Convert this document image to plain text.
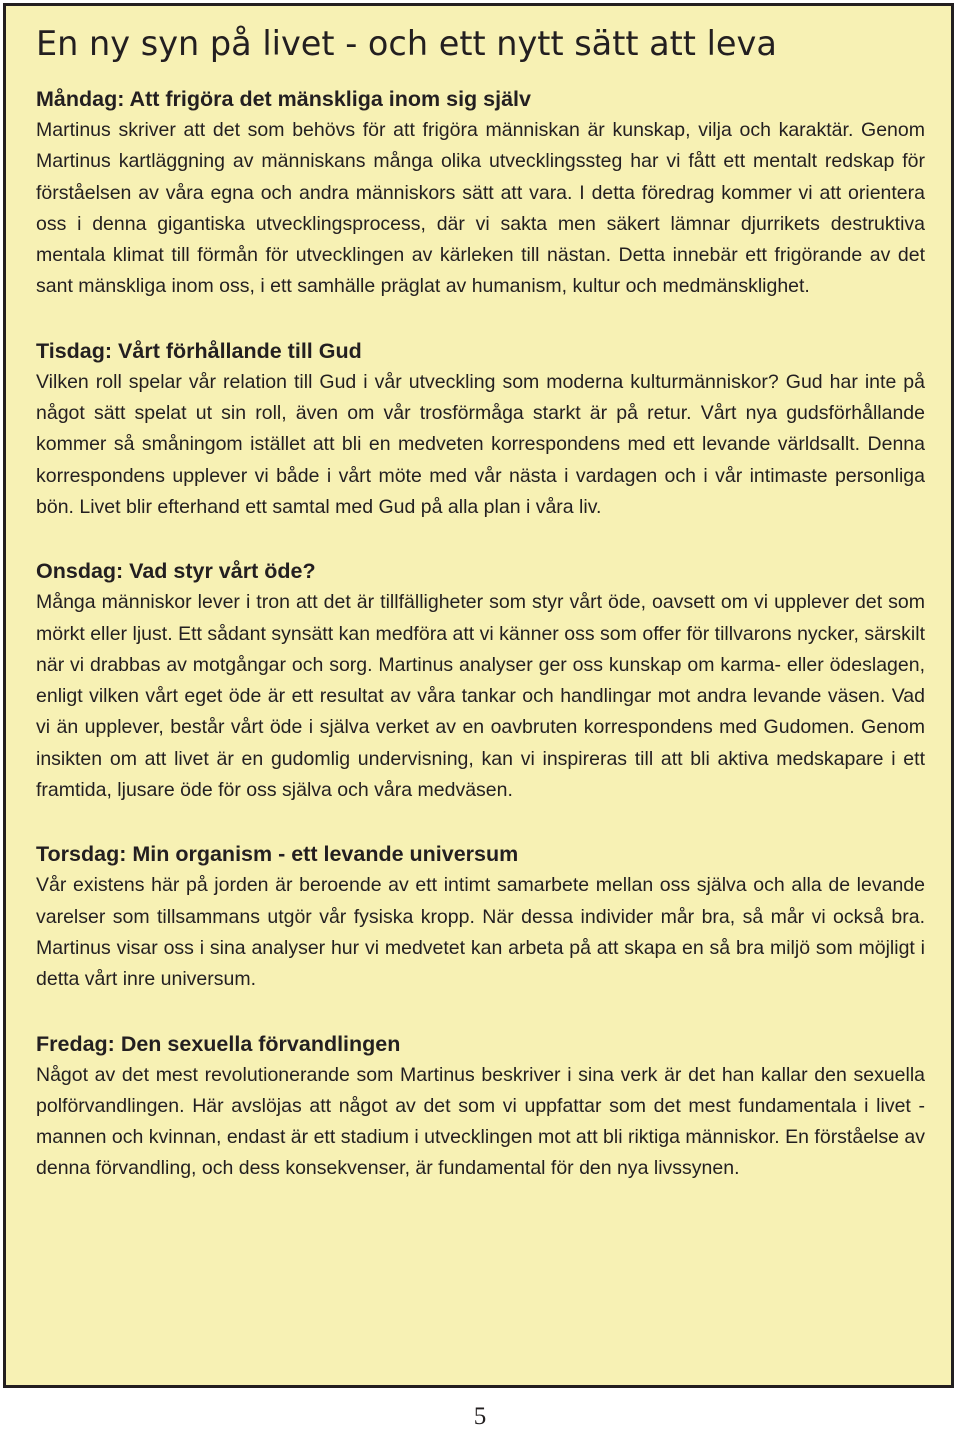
En ny syn på livet - och ett nytt sätt att leva
Måndag: Att frigöra det mänskliga inom sig själv

Martinus skriver att det som behövs för att frigöra människan är kunskap, vilja och karaktär. Genom Martinus kartläggning av människans många olika utvecklingssteg har vi fått ett mentalt redskap för förståelsen av våra egna och andra människors sätt att vara. I detta föredrag kommer vi att orientera oss i denna gigantiska utvecklingsprocess, där vi sakta men säkert lämnar djurrikets destruktiva mentala klimat till förmån för utvecklingen av kärleken till nästan. Detta innebär ett frigörande av det sant mänskliga inom oss, i ett samhälle präglat av humanism, kultur och medmänsklighet.

Tisdag: Vårt förhållande till Gud

Vilken roll spelar vår relation till Gud i vår utveckling som moderna kulturmänniskor? Gud har inte på något sätt spelat ut sin roll, även om vår trosförmåga starkt är på retur. Vårt nya gudsförhållande kommer så småningom istället att bli en medveten korrespondens med ett levande världsallt. Denna korrespondens upplever vi både i vårt möte med vår nästa i vardagen och i vår intimaste personliga bön. Livet blir efterhand ett samtal med Gud på alla plan i våra liv.

Onsdag: Vad styr vårt öde?

Många människor lever i tron att det är tillfälligheter som styr vårt öde, oavsett om vi upplever det som mörkt eller ljust. Ett sådant synsätt kan medföra att vi känner oss som offer för tillvarons nycker, särskilt när vi drabbas av motgångar och sorg. Martinus analyser ger oss kunskap om karma- eller ödeslagen, enligt vilken vårt eget öde är ett resultat av våra tankar och handlingar mot andra levande väsen. Vad vi än upplever, består vårt öde i själva verket av en oavbruten korrespondens med Gudomen. Genom insikten om att livet är en gudomlig undervisning, kan vi inspireras till att bli aktiva medskapare i ett framtida, ljusare öde för oss själva och våra medväsen.

Torsdag: Min organism - ett levande universum

Vår existens här på jorden är beroende av ett intimt samarbete mellan oss själva och alla de levande varelser som tillsammans utgör vår fysiska kropp. När dessa individer mår bra, så mår vi också bra. Martinus visar oss i sina analyser hur vi medvetet kan arbeta på att skapa en så bra miljö som möjligt i detta vårt inre universum.

Fredag: Den sexuella förvandlingen

Något av det mest revolutionerande som Martinus beskriver i sina verk är det han kallar den sexuella polförvandlingen. Här avslöjas att något av det som vi uppfattar som det mest fundamentala i livet - mannen och kvinnan, endast är ett stadium i utvecklingen mot att bli riktiga människor. En förståelse av denna förvandling, och dess konsekvenser, är fundamental för den nya livssynen.

5
